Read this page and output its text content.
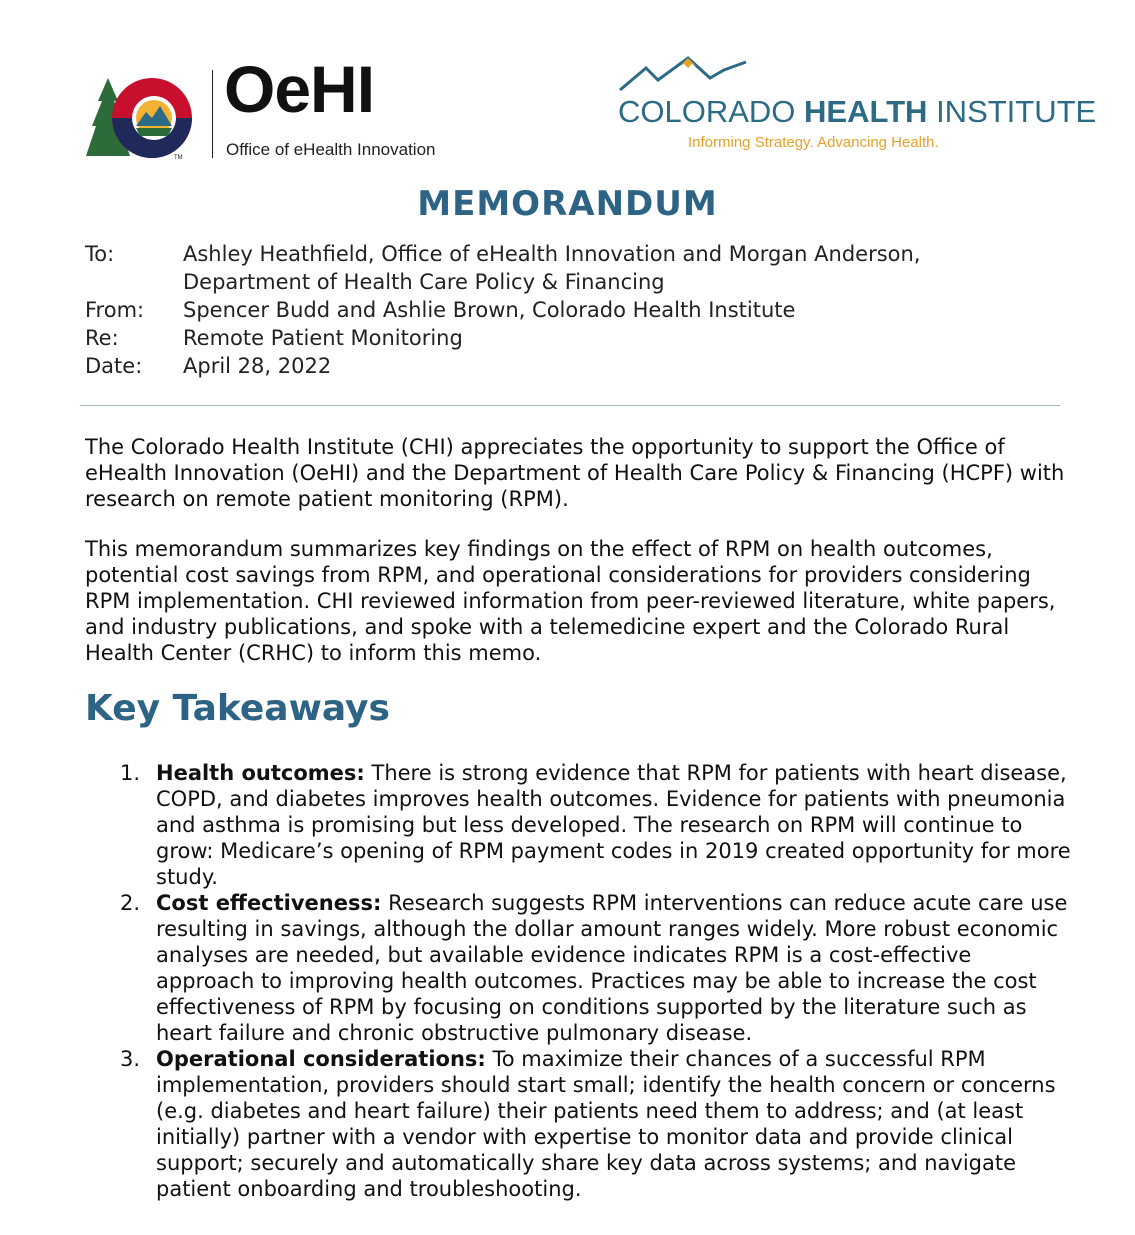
TM
OeHI
Office of eHealth Innovation
COLORADO HEALTH INSTITUTE
Informing Strategy. Advancing Health.
MEMORANDUM
To:	Ashley Heathfield, Office of eHealth Innovation and Morgan Anderson,
Department of Health Care Policy & Financing
From:	Spencer Budd and Ashlie Brown, Colorado Health Institute
Re:	Remote Patient Monitoring
Date:	April 28, 2022

The Colorado Health Institute (CHI) appreciates the opportunity to support the Office of eHealth Innovation (OeHI) and the Department of Health Care Policy & Financing (HCPF) with research on remote patient monitoring (RPM).

This memorandum summarizes key findings on the effect of RPM on health outcomes, potential cost savings from RPM, and operational considerations for providers considering RPM implementation. CHI reviewed information from peer-reviewed literature, white papers, and industry publications, and spoke with a telemedicine expert and the Colorado Rural Health Center (CRHC) to inform this memo.

Key Takeaways
1. Health outcomes: There is strong evidence that RPM for patients with heart disease, COPD, and diabetes improves health outcomes. Evidence for patients with pneumonia and asthma is promising but less developed. The research on RPM will continue to grow: Medicare’s opening of RPM payment codes in 2019 created opportunity for more study.
2. Cost effectiveness: Research suggests RPM interventions can reduce acute care use resulting in savings, although the dollar amount ranges widely. More robust economic analyses are needed, but available evidence indicates RPM is a cost-effective approach to improving health outcomes. Practices may be able to increase the cost effectiveness of RPM by focusing on conditions supported by the literature such as heart failure and chronic obstructive pulmonary disease.
3. Operational considerations: To maximize their chances of a successful RPM implementation, providers should start small; identify the health concern or concerns (e.g. diabetes and heart failure) their patients need them to address; and (at least initially) partner with a vendor with expertise to monitor data and provide clinical support; securely and automatically share key data across systems; and navigate patient onboarding and troubleshooting.
